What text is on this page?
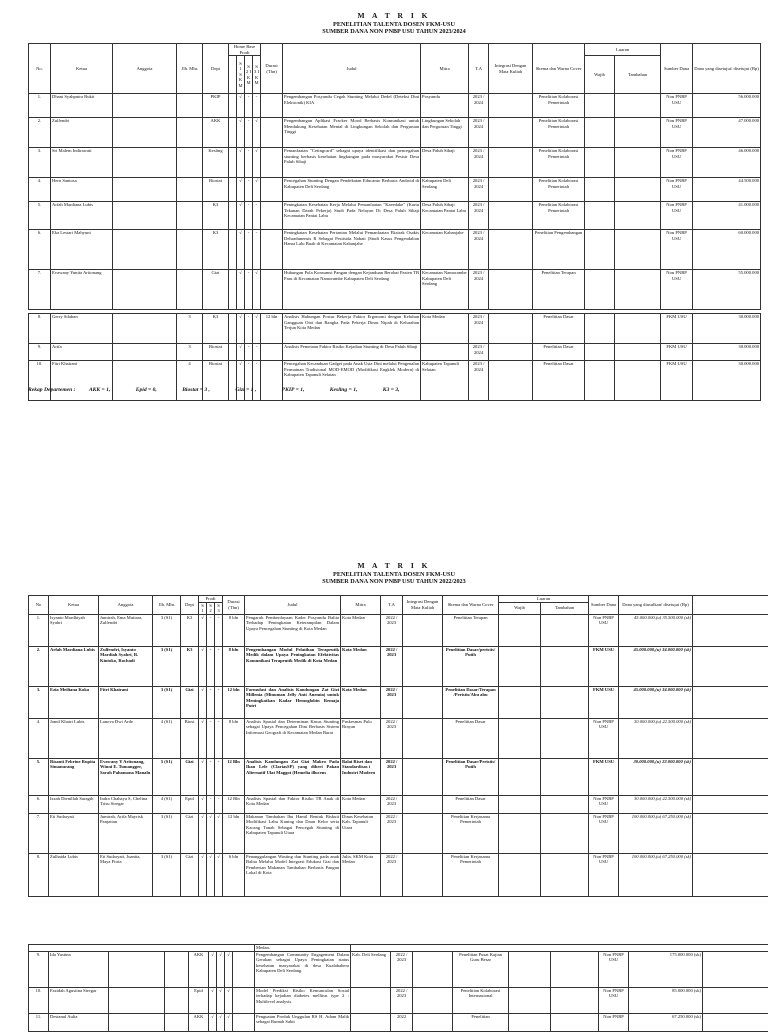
M A T R I K
PENELITIAN TALENTA DOSEN FKM-USU
SUMBER DANA NON PNBP USU TAHUN 2023/2024
No.	Ketua	Anggota	Jlh. Mhs	Dept	Home Base Prodi				Durasi (Thn)	Judul	Mitra	T.A	Integrasi Dengan Mata Kuliah	Skema dan Warna Cover	Luaran		Sumber Dana	Dana yang disetujui/ disetujui (Rp)
						S 1 S K M	S 2 I K M	S 3 I K M							Wajib	Tambahan		

1.	Dhani Syahputra Bukit			PKIP		√	-	-		Pengembangan Posyandu Cegah Stunting Melalui Dedel (Deteksi Dini Elektronik) KIA	Posyandu	2023 / 2024		Penelitian Kolaborasi Pemerintah			Non PNBP USU	56.000.000
2.	Zulfendri			AKK		√	-	√		Pengembangan Aplikasi Fracker Mood Berbasis Komunikasi untuk Mendukung Kesehatan Mental di Lingkungan Sekolah dan Perguruan Tinggi	Lingkungan Sekolah dan Perguruan Tinggi	2023 / 2024		Penelitian Kolaborasi Pemerintah			Non PNBP USU	47.000.000
3.	Sri Malem Indirawati			Kesling		√	-	√		Pemanfaatan "Cetingcard" sebagai upaya identifikasi dan pencegahan stunting berbasis kesehatan lingkungan pada masyarakat Pesisir Desa Paluh Sibaji	Desa Paluh Sibaji	2023 / 2024		Penelitian Kolaborasi Pemerintah			Non PNBP USU	46.000.000
4.	Heru Santosa			Biostat		√	-	√		Pencegahan Stunting Dengan Pendekatan Educamo Berbasis Android di Kabupaten Deli Serdang	Kabupaten Deli Serdang	2023 / 2024		Penelitian Kolaborasi Pemerintah			Non PNBP USU	44.500.000
5.	Arfah Mardiana Lubis			K3		√	-	-		Peningkatan Kesehatan Kerja Melalui Pemanfaatan "Kaeedake" (Kartu Tekanan Darah Pekerja) Studi Pada Nelayan Di Desa Paluh Sibaji Kecamatan Pantai Labu	Desa Paluh Sibaji Kecamatan Pantai Labu	2023 / 2024		Penelitian Kolaborasi Pemerintah			Non PNBP USU	41.000.000
6.	Eka Lestari Mahyuni			K3		√	-	-		Peningkatan Kesehatan Pertanian Melalui Pemanfaatan Ekstrak Osakis Dehradunensis R Sebagai Pestisida Nabati (Studi Kasus Pengendalian Hama Lalu Buah di Kecamatan Kabanjahe	Kecamatan Kabanjahe	2023 / 2024		Penelitian Pengembangan			Non PNBP USU	60.000.000
7.	Evawany Yunita Aritonang			Gizi		√	-	√		Hubungan Pola Konsumsi Pangan dengan Kejanduan Berobat Pasien TB Paru di Kecamatan Namorambe Kabupaten Deli Serdang	Kecamatan Namorambe Kabupaten Deli Serdang	2023 / 2024		Penelitian Terapan			Non PNBP USU	55.000.000

8.	Gerry Silaban		3	K3		√	-	√	12 bln	Analisis Hubungan Postur Bekerja Faktor Ergonomi dengan Keluhan Gangguan Otot dan Rangka Pada Pekerja Dinas Nipah di Kelurahan Terjun Kota Medan	Kota Medan	2023 / 2024		Penelitian Dasar			FKM USU	30.000.000
9.	Arifa		3	Biostat		√	-	-		Analisis Pemetaan Faktor Risiko Kejadian Stunting di Desa Paluh Sibaji		2023 / 2024		Penelitian Dasar			FKM USU	30.000.000
10.	Fitri Khairani		4	Biostat		√	-	-		Pencegahan Kecanduan Gadget pada Anak Usia Dini melalui Pengenalan Permainan Tradisional MOD-EMOD (Modifikasi Engklek Modern) di Kabupaten Tapanuli Selatan	Kabupaten Tapanuli Selatan	2023 / 2024		Penelitian Dasar			FKM USU	30.000.000
Rekap Departemen : AKK = 1,	Epid = 0,	Biostat = 3 ,	Gizi = 1 ,	PKIP = 1,	Kesling = 1,	K3 = 3,
M A T R I K
PENELITIAN TALENTA DOSEN FKM-USU
SUMBER DANA NON PNBP USU TAHUN 2022/2023
No	Ketua	Anggota	Jlh. Mhs	Dept	Prodi			Durasi (Thn)	Judul	Mitra	T.A	Integrasi Dengan Mata Kuliah	Skema dan Warna Cover	Luaran		Sumber Dana	Dana yang diusulkan/ disetujui (Rp)	
					S 1	S 2	S 3							Wajib	Tambahan			
1.	Isyanto Mardhiyah Syahri	Jumirah, Ema Mutiara, Zulfendri	3 (S1)	K3	√	-	-	8 bln	Pengaruh Pemberdayaan Kader Posyandu Balita Terhadap Peningkatan Keterampilan Dalam Upaya Pencegahan Stunting di Kota Medan	Kota Medan	2022 / 2023		Penelitian Terapan			Non PNBP USU	45.000.000,(u) 35.500.000 (sk)	
2.	Arfah Mardiana Lubis	Zulfendri, Isyanto Mardiah Syahri, R. Kintoko, Rochadi	3 (S1)	K3	√	-	-	8 bln	Pengembangan Modul Pelatihan Terapeutik Medik dalam Upaya Peningkatan Efektivitas Komunikasi Terapeutik Medik di Kota Medan	Kota Medan	2022 / 2023		Penelitian Dasar/peristis/ Putih			FKM USU	45.000.000,(u) 34.000.000 (sk)	
3.	Ezia Meiliana Koka	Fitri Khairani	3 (S1)	Gizi	√	-	-	12 bln	Formulasi dan Analisis Kandungan Zat Gizi Millenia (Minuman Jelly Anti Anemia) untuk Meningkatkan Kadar Hemoglobin Remaja Putri	Kota Medan	2022 / 2023		Penelitian Dasar/Terapan /Peristis/Abu abu			FKM USU	45.000.000,(u) 34.000.000 (sk)	
4.	Jamil Khairi Lubis	Lanova Dwi Arde	4 (S1)	Biost	√	-	-	8 bln	Analisis Spasial dan Determinan Kasus Stunting sebagai Upaya Pencegahan Dini Berbasis Sistem Informasi Geografi di Kecamatan Medan Barat	Puskesmas Pulo Brayan	2022 / 2023		Penelitian Dasar			Non PNBP USU	30.000.000,(u) 22.500.000 (sk)	
5.	Risanti Febrine Rupita Simanurang	Evawany Y Aritonang, Winni E. Tumangger, Sarah Pahamona Manalu	5 (S1)	Gizi	√	-	-	12 Bln	Analisis Kandungan Zat Gizi Makro Pada Ikan Lele (ClariasSP) yang diberi Pakan Alternatif Ulat Maggot (Hemelia illucens	Balai Riset dan Standardisas i Industri Modern	2022 / 2023		Penelitian Dasar/Peristis/ Putih			FKM USU	30.000.000,(u) 22.000.000 (sk)	
6.	Izzah Dienillah Saragih	Indra Chahaya S, Chelina Trisu Siregar	4 (S1)	Epid	√	-	-	12 Bln	Analisis Spasial dan Faktor Risiko TB Anak di Kota Medan	Kota Medan	2022 / 2023		Penelitian Dasar			Non PNBP USU	30.000.000,(u) 22.500.000 (sk)	
7.	Eti Sudaryati	Jumirah, Arifa Mayrisk Panjaitan	3 (S1)	Gizi	√	√	√	12 bln	Makanan Tambahan Ibu Hamil Bentuk Biskuit Modifikasi Labu Kuning dan Daun Kelor serta Kacang Tanah Sebagai Pencegah Stunting di Kabupaten Tapanuli Utara	Dinas Kesehatan Kab. Tapanuli Utara	2022 / 2023		Penelitian Kerjasama Pemerintah			Non PNBP USU	100.000.000,(u) 67.250.000 (sk)	
8.	Zulhaida Lubis	Eti Sudaryati, Juanita, Maya Fitria	3 (S1)	Gizi	√	√	√	6 bln	Penanggulangan Wasting dan Stunting pada anak Balita Melalui Model Integrasi Edukasi Gizi dan Pemberian Makanan Tambahan Berbasis Pangan Lokal di Kota	Julia, SKM Kota Medan	2022 / 2023		Penelitian Kerjasama Pemerintah			Non PNBP USU	100.000.000,(u) 67.250.000 (sk)	
									Medan.									
9.	Ida Yustina			AKK	√	√	√		Pengembangan Community Engagement Dalam Gerakan sebagai Upaya Peningkatan status kesehatan masyarakat di desa Kualabahera Kabupaten Deli Serdang.	Kab. Deli Serdang	2022 / 2023		Penelitian Pusat Kajian Guru Besar			Non PNBP USU	175.000.000 (sk)	
10.	Fazidah Agustina Siregar			Epid	√	√	√		Model Prediksi Risiko Kemunculan Sosial terhadap kejadian diabetes mellitus type 2 : Multilevel analysis.		2022 / 2023		Penelitian Kolaborasi Internasional			Non PNBP USU	85.000.000 (sk)	
11.	Destanul Aulia			AKK	√	√	√		Penguatan Produk Unggulan RS H. Adam Malik sebagai Rumah Sakit		2022		Penelitian			Non PNBP	67.250.000 (sk)	
